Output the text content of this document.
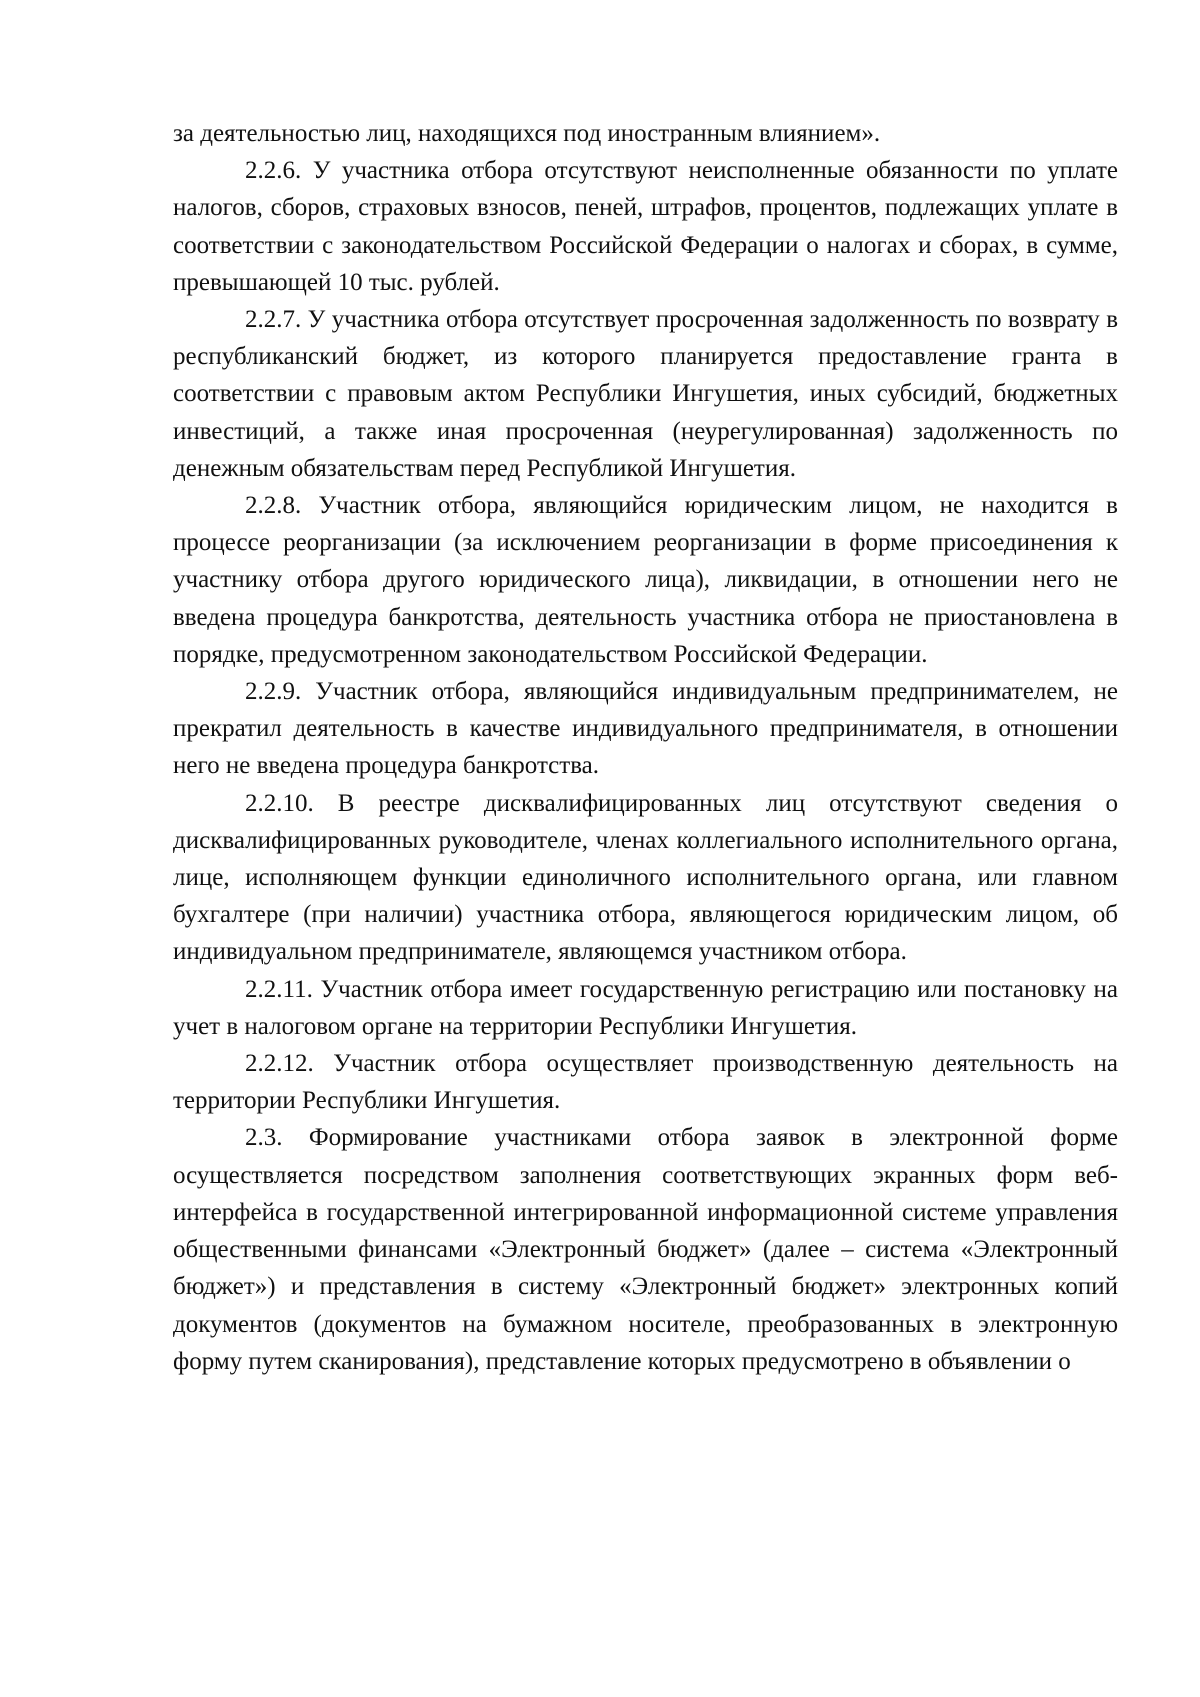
за деятельностью лиц, находящихся под иностранным влиянием».

2.2.6. У участника отбора отсутствуют неисполненные обязанности по уплате налогов, сборов, страховых взносов, пеней, штрафов, процентов, подлежащих уплате в соответствии с законодательством Российской Федерации о налогах и сборах, в сумме, превышающей 10 тыс. рублей.

2.2.7. У участника отбора отсутствует просроченная задолженность по возврату в республиканский бюджет, из которого планируется предоставление гранта в соответствии с правовым актом Республики Ингушетия, иных субсидий, бюджетных инвестиций, а также иная просроченная (неурегулированная) задолженность по денежным обязательствам перед Республикой Ингушетия.

2.2.8. Участник отбора, являющийся юридическим лицом, не находится в процессе реорганизации (за исключением реорганизации в форме присоединения к участнику отбора другого юридического лица), ликвидации, в отношении него не введена процедура банкротства, деятельность участника отбора не приостановлена в порядке, предусмотренном законодательством Российской Федерации.

2.2.9. Участник отбора, являющийся индивидуальным предпринимателем, не прекратил деятельность в качестве индивидуального предпринимателя, в отношении него не введена процедура банкротства.

2.2.10. В реестре дисквалифицированных лиц отсутствуют сведения о дисквалифицированных руководителе, членах коллегиального исполнительного органа, лице, исполняющем функции единоличного исполнительного органа, или главном бухгалтере (при наличии) участника отбора, являющегося юридическим лицом, об индивидуальном предпринимателе, являющемся участником отбора.

2.2.11. Участник отбора имеет государственную регистрацию или постановку на учет в налоговом органе на территории Республики Ингушетия.

2.2.12. Участник отбора осуществляет производственную деятельность на территории Республики Ингушетия.

2.3. Формирование участниками отбора заявок в электронной форме осуществляется посредством заполнения соответствующих экранных форм веб-интерфейса в государственной интегрированной информационной системе управления общественными финансами «Электронный бюджет» (далее – система «Электронный бюджет») и представления в систему «Электронный бюджет» электронных копий документов (документов на бумажном носителе, преобразованных в электронную форму путем сканирования), представление которых предусмотрено в объявлении о
